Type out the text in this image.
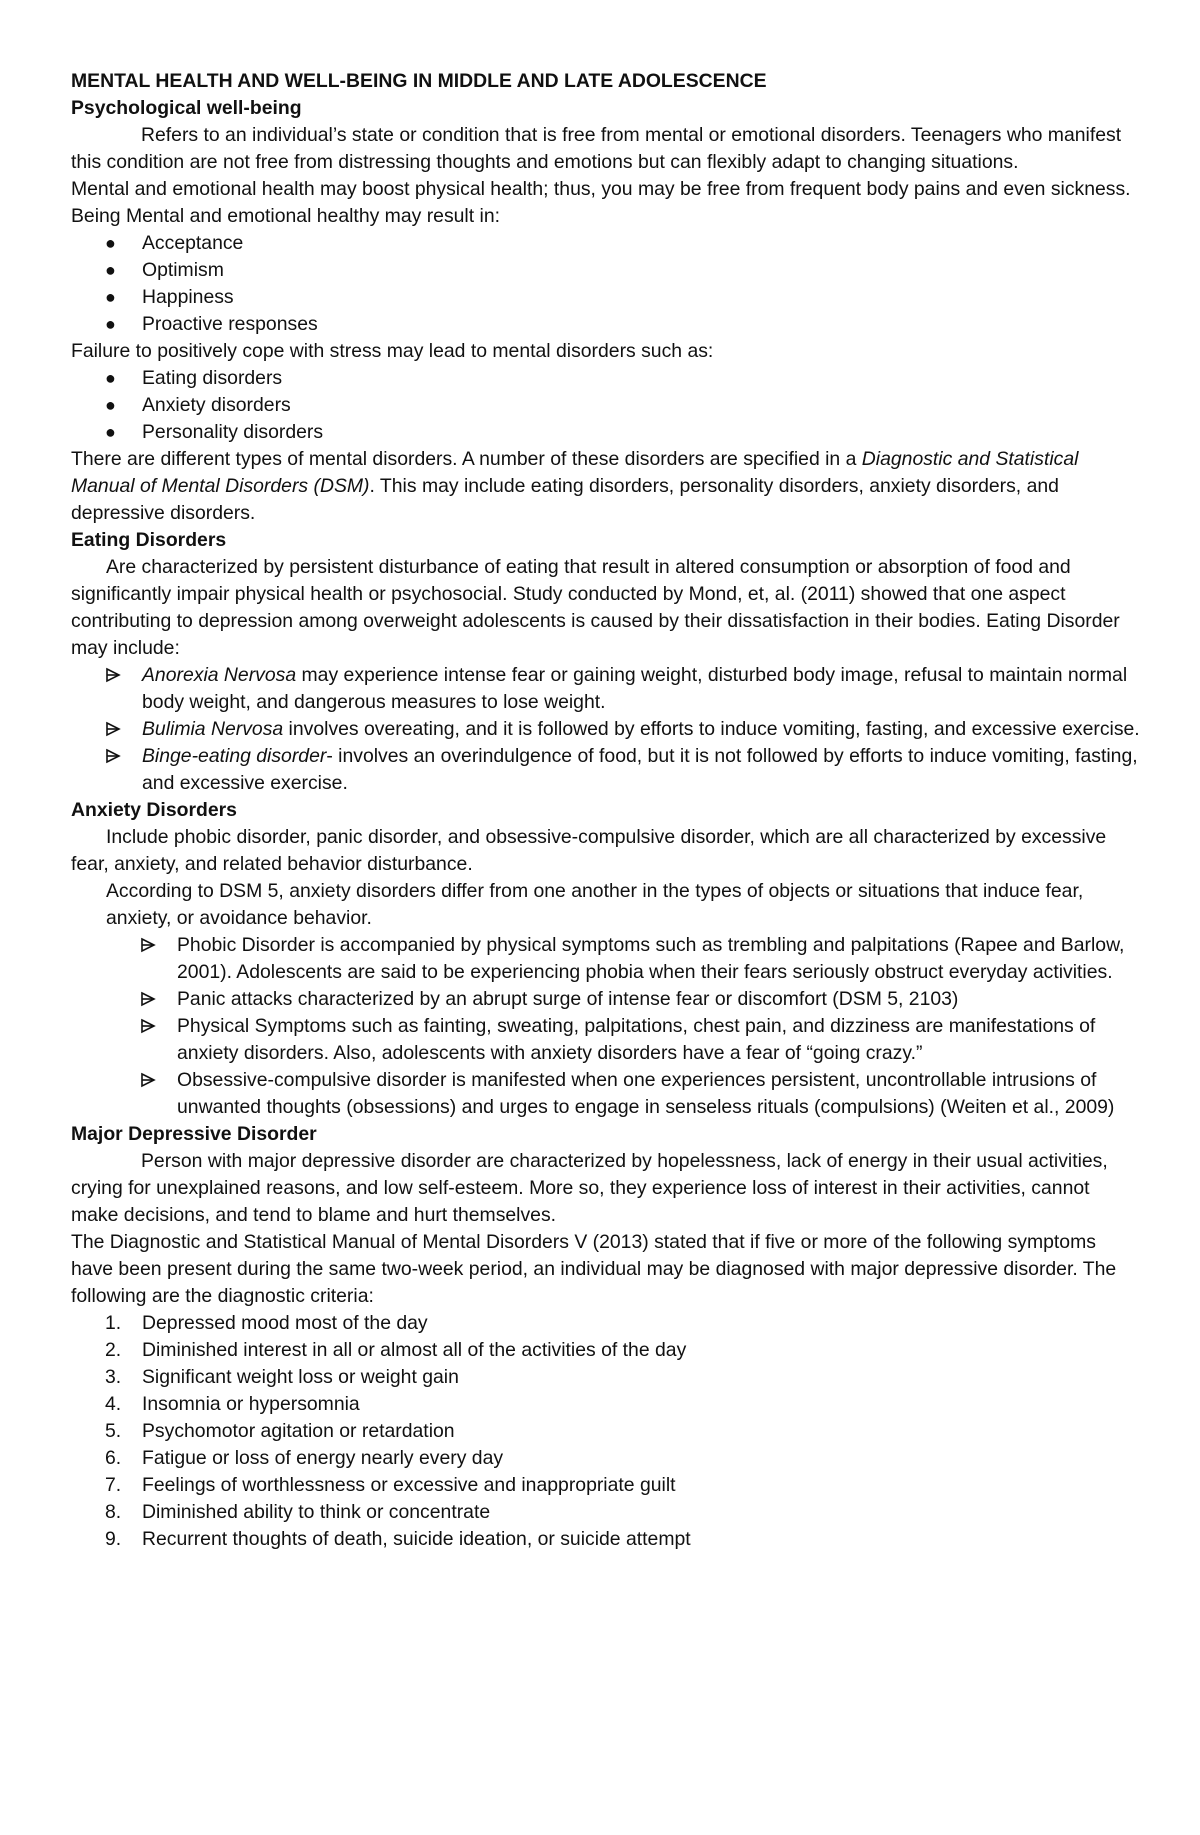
MENTAL HEALTH AND WELL-BEING IN MIDDLE AND LATE ADOLESCENCE

Psychological well-being

Refers to an individual’s state or condition that is free from mental or emotional disorders. Teenagers who manifest this condition are not free from distressing thoughts and emotions but can flexibly adapt to changing situations.

Mental and emotional health may boost physical health; thus, you may be free from frequent body pains and even sickness. Being Mental and emotional healthy may result in:

●	Acceptance
●	Optimism
●	Happiness
●	Proactive responses

Failure to positively cope with stress may lead to mental disorders such as:

●	Eating disorders
●	Anxiety disorders
●	Personality disorders

There are different types of mental disorders. A number of these disorders are specified in a Diagnostic and Statistical Manual of Mental Disorders (DSM). This may include eating disorders, personality disorders, anxiety disorders, and depressive disorders.

Eating Disorders

Are characterized by persistent disturbance of eating that result in altered consumption or absorption of food and significantly impair physical health or psychosocial. Study conducted by Mond, et, al. (2011) showed that one aspect contributing to depression among overweight adolescents is caused by their dissatisfaction in their bodies. Eating Disorder may include:

Anorexia Nervosa may experience intense fear or gaining weight, disturbed body image, refusal to maintain normal body weight, and dangerous measures to lose weight.
Bulimia Nervosa involves overeating, and it is followed by efforts to induce vomiting, fasting, and excessive exercise.
Binge-eating disorder- involves an overindulgence of food, but it is not followed by efforts to induce vomiting, fasting, and excessive exercise.

Anxiety Disorders

Include phobic disorder, panic disorder, and obsessive-compulsive disorder, which are all characterized by excessive fear, anxiety, and related behavior disturbance.

According to DSM 5, anxiety disorders differ from one another in the types of objects or situations that induce fear, anxiety, or avoidance behavior.

Phobic Disorder is accompanied by physical symptoms such as trembling and palpitations (Rapee and Barlow, 2001). Adolescents are said to be experiencing phobia when their fears seriously obstruct everyday activities.
Panic attacks characterized by an abrupt surge of intense fear or discomfort (DSM 5, 2103)
Physical Symptoms such as fainting, sweating, palpitations, chest pain, and dizziness are manifestations of anxiety disorders. Also, adolescents with anxiety disorders have a fear of “going crazy.”
Obsessive-compulsive disorder is manifested when one experiences persistent, uncontrollable intrusions of unwanted thoughts (obsessions) and urges to engage in senseless rituals (compulsions) (Weiten et al., 2009)

Major Depressive Disorder

Person with major depressive disorder are characterized by hopelessness, lack of energy in their usual activities, crying for unexplained reasons, and low self-esteem. More so, they experience loss of interest in their activities, cannot make decisions, and tend to blame and hurt themselves.

The Diagnostic and Statistical Manual of Mental Disorders V (2013) stated that if five or more of the following symptoms have been present during the same two-week period, an individual may be diagnosed with major depressive disorder. The following are the diagnostic criteria:

1.	Depressed mood most of the day
2.	Diminished interest in all or almost all of the activities of the day
3.	Significant weight loss or weight gain
4.	Insomnia or hypersomnia
5.	Psychomotor agitation or retardation
6.	Fatigue or loss of energy nearly every day
7.	Feelings of worthlessness or excessive and inappropriate guilt
8.	Diminished ability to think or concentrate
9.	Recurrent thoughts of death, suicide ideation, or suicide attempt
